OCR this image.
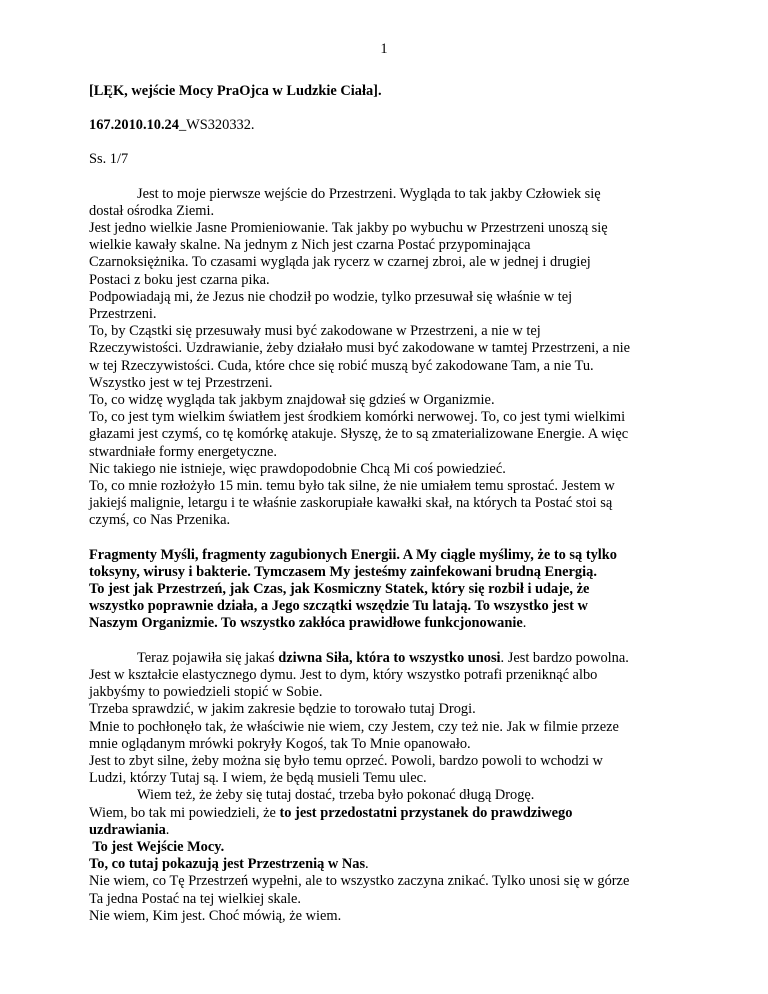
1
[LĘK, wejście Mocy PraOjca w Ludzkie Ciała].
167.2010.10.24_WS320332.
Ss. 1/7
Jest to moje pierwsze wejście do Przestrzeni. Wygląda to tak jakby Człowiek się
dostał ośrodka Ziemi.
Jest jedno wielkie Jasne Promieniowanie. Tak jakby po wybuchu w Przestrzeni unoszą się
wielkie kawały skalne. Na jednym z Nich jest czarna Postać przypominająca
Czarnoksiężnika. To czasami wygląda jak rycerz w czarnej zbroi, ale w jednej i drugiej
Postaci z boku jest czarna pika.
Podpowiadają mi, że Jezus nie chodził po wodzie, tylko przesuwał się właśnie w tej
Przestrzeni.
To, by Cząstki się przesuwały musi być zakodowane w Przestrzeni, a nie w tej
Rzeczywistości. Uzdrawianie, żeby działało musi być zakodowane w tamtej Przestrzeni, a nie
w tej Rzeczywistości. Cuda, które chce się robić muszą być zakodowane Tam, a nie Tu.
Wszystko jest w tej Przestrzeni.
To, co widzę wygląda tak jakbym znajdował się gdzieś w Organizmie.
To, co jest tym wielkim światłem jest środkiem komórki nerwowej. To, co jest tymi wielkimi
głazami jest czymś, co tę komórkę atakuje. Słyszę, że to są zmaterializowane Energie. A więc
stwardniałe formy energetyczne.
Nic takiego nie istnieje, więc prawdopodobnie Chcą Mi coś powiedzieć.
To, co mnie rozłożyło 15 min. temu było tak silne, że nie umiałem temu sprostać. Jestem w
jakiejś malignie, letargu i te właśnie zaskorupiałe kawałki skał, na których ta Postać stoi są
czymś, co Nas Przenika.
Fragmenty Myśli, fragmenty zagubionych Energii. A My ciągle myślimy, że to są tylko
toksyny, wirusy i bakterie. Tymczasem My jesteśmy zainfekowani brudną Energią.
To jest jak Przestrzeń, jak Czas, jak Kosmiczny Statek, który się rozbił i udaje, że
wszystko poprawnie działa, a Jego szczątki wszędzie Tu latają. To wszystko jest w
Naszym Organizmie. To wszystko zakłóca prawidłowe funkcjonowanie.
Teraz pojawiła się jakaś dziwna Siła, która to wszystko unosi. Jest bardzo powolna.
Jest w kształcie elastycznego dymu. Jest to dym, który wszystko potrafi przeniknąć albo
jakbyśmy to powiedzieli stopić w Sobie.
Trzeba sprawdzić, w jakim zakresie będzie to torowało tutaj Drogi.
Mnie to pochłonęło tak, że właściwie nie wiem, czy Jestem, czy też nie. Jak w filmie przeze
mnie oglądanym mrówki pokryły Kogoś, tak To Mnie opanowało.
Jest to zbyt silne, żeby można się było temu oprzeć. Powoli, bardzo powoli to wchodzi w
Ludzi, którzy Tutaj są. I wiem, że będą musieli Temu ulec.
Wiem też, że żeby się tutaj dostać, trzeba było pokonać długą Drogę.
Wiem, bo tak mi powiedzieli, że to jest przedostatni przystanek do prawdziwego
uzdrawiania.
To jest Wejście Mocy.
To, co tutaj pokazują jest Przestrzenią w Nas.
Nie wiem, co Tę Przestrzeń wypełni, ale to wszystko zaczyna znikać. Tylko unosi się w górze
Ta jedna Postać na tej wielkiej skale.
Nie wiem, Kim jest. Choć mówią, że wiem.
